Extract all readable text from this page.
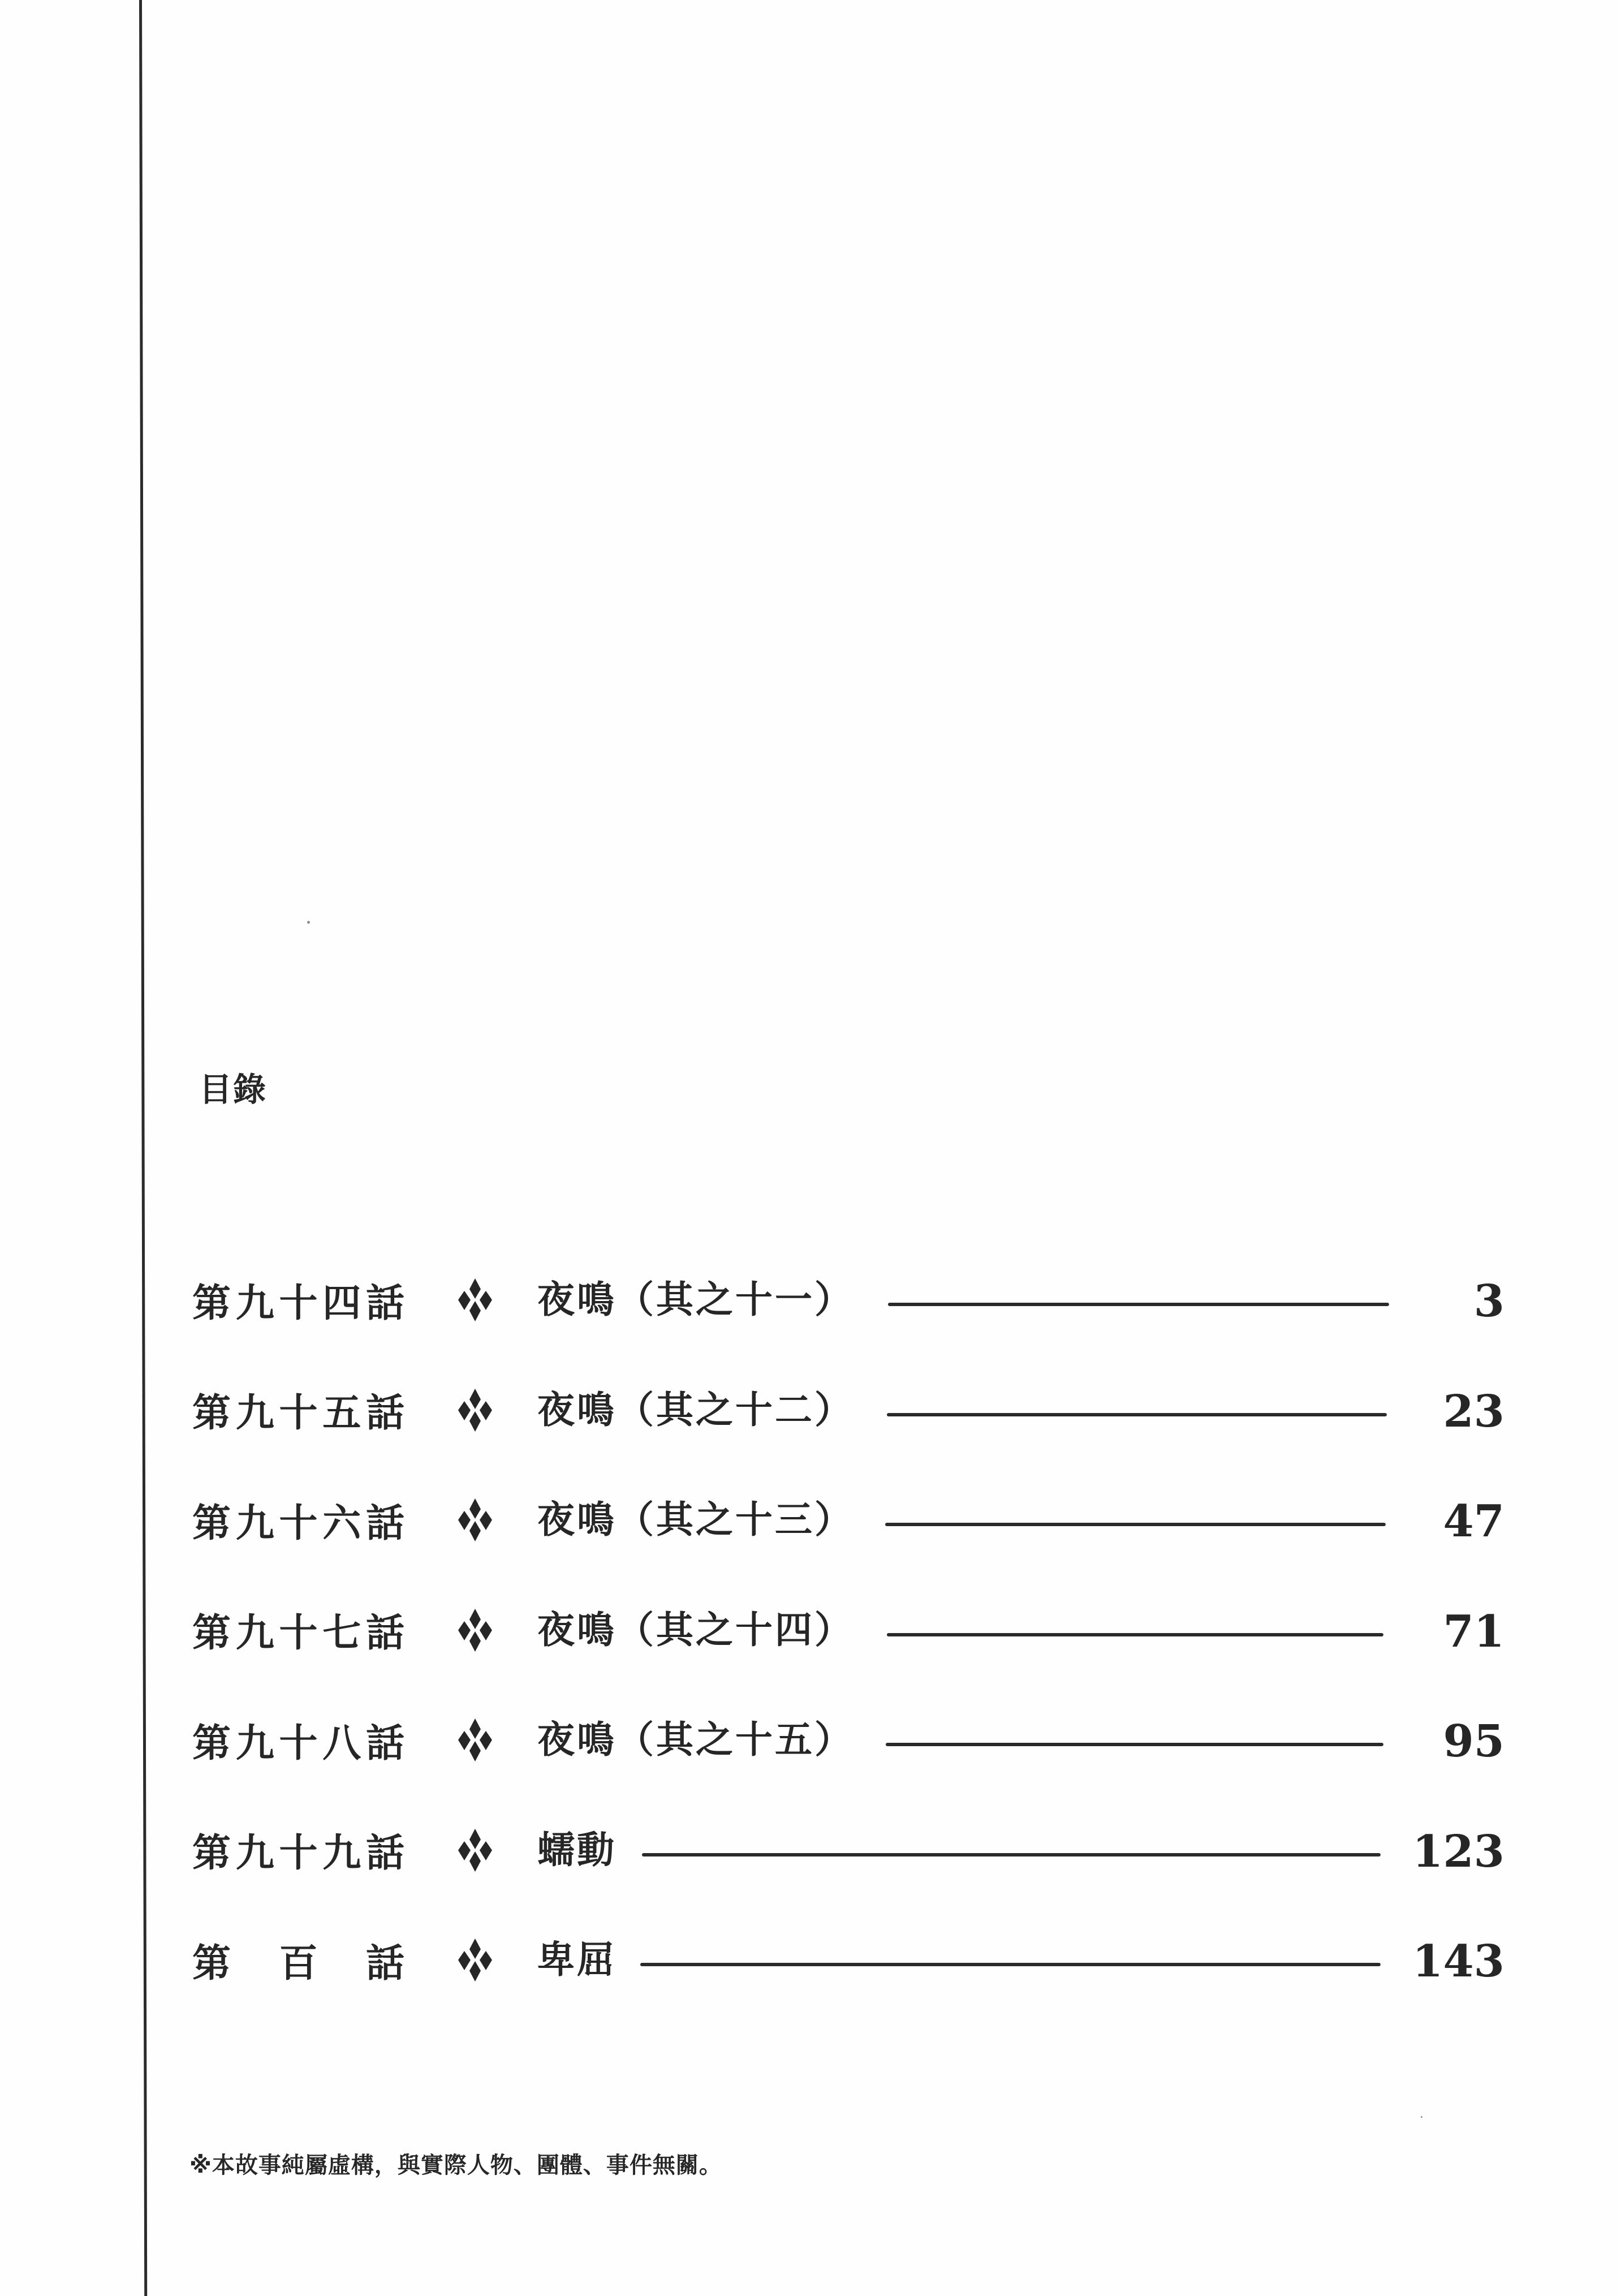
目錄
第 九 十 四 話	夜鳴（其之十一）	3
第 九 十 五 話	夜鳴（其之十二）	23
第 九 十 六 話	夜鳴（其之十三）	47
第 九 十 七 話	夜鳴（其之十四）	71
第 九 十 八 話	夜鳴（其之十五）	95
第 九 十 九 話	蠕動	123
第 百 話	卑屈	143
※本故事純屬虛構，與實際人物、團體、事件無關。
